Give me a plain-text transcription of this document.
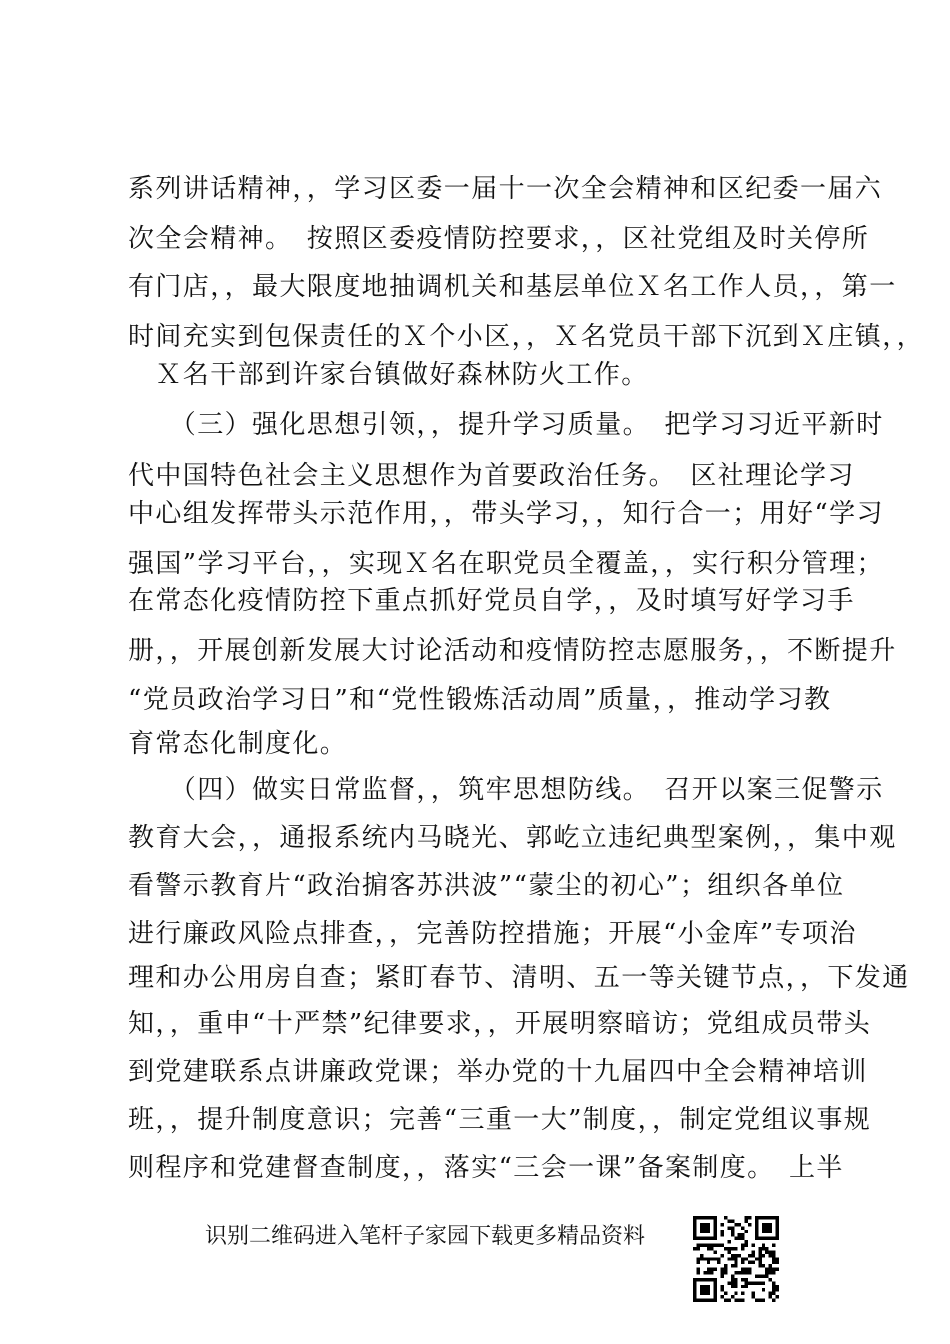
系列讲话精神，，学习区委一届十一次全会精神和区纪委一届六
次全会精神。　按照区委疫情防控要求，，区社党组及时关停所
有门店，，最大限度地抽调机关和基层单位Ｘ名工作人员，，第一
时间充实到包保责任的Ｘ个小区，，Ｘ名党员干部下沉到Ｘ庄镇，，
　Ｘ名干部到许家台镇做好森林防火工作。
　　（三）强化思想引领，，提升学习质量。　把学习习近平新时
代中国特色社会主义思想作为首要政治任务。　区社理论学习
中心组发挥带头示范作用，，带头学习，，知行合一；用好“学习
强国”学习平台，，实现Ｘ名在职党员全覆盖，，实行积分管理；
在常态化疫情防控下重点抓好党员自学，，及时填写好学习手
册，，开展创新发展大讨论活动和疫情防控志愿服务，，不断提升
“党员政治学习日”和“党性锻炼活动周”质量，，推动学习教
育常态化制度化。
　　（四）做实日常监督，，筑牢思想防线。　召开以案三促警示
教育大会，，通报系统内马晓光、郭屹立违纪典型案例，，集中观
看警示教育片“政治掮客苏洪波”“蒙尘的初心”；组织各单位
进行廉政风险点排查，，完善防控措施；开展“小金库”专项治
理和办公用房自查；紧盯春节、清明、五一等关键节点，，下发通
知，，重申“十严禁”纪律要求，，开展明察暗访；党组成员带头
到党建联系点讲廉政党课；举办党的十九届四中全会精神培训
班，，提升制度意识；完善“三重一大”制度，，制定党组议事规
则程序和党建督查制度，，落实“三会一课”备案制度。　上半
识别二维码进入笔杆子家园下载更多精品资料
